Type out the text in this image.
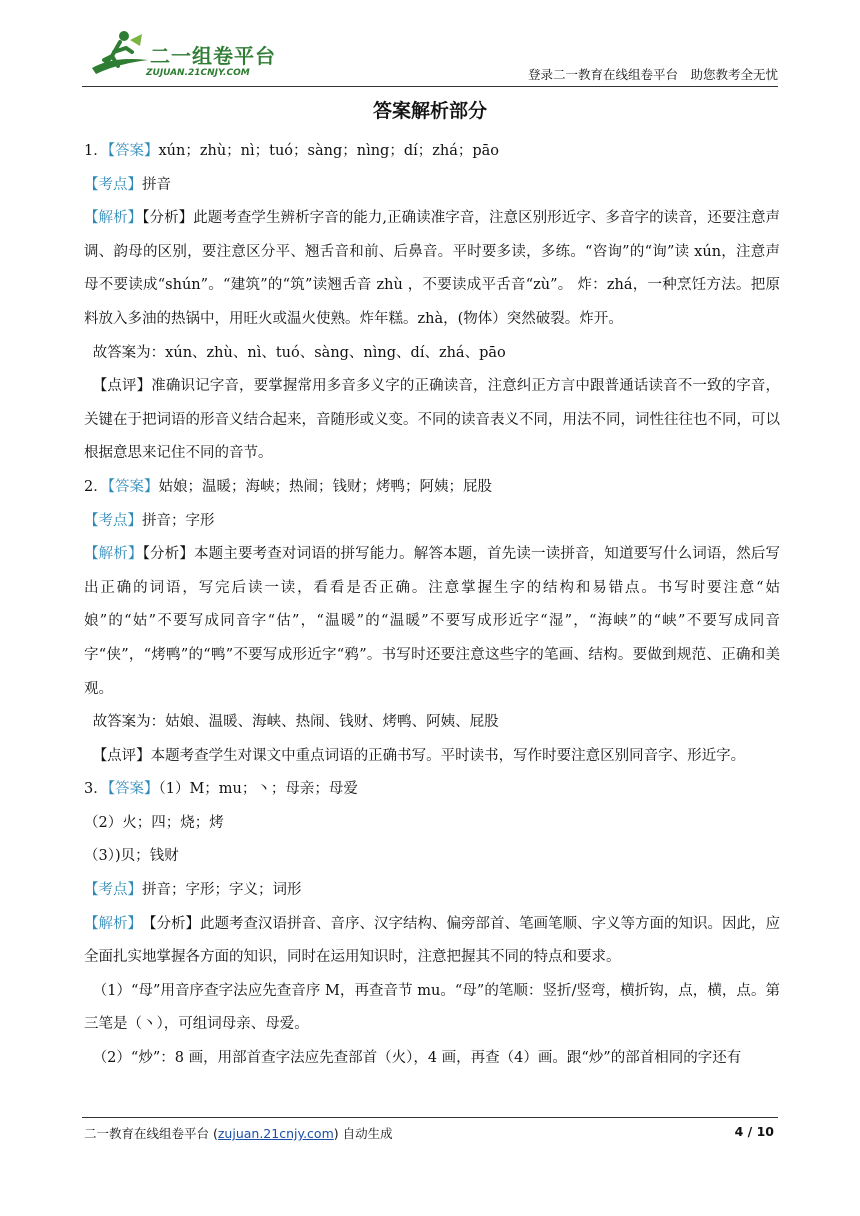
二一组卷平台
ZUJUAN.21CNJY.COM	登录二一教育在线组卷平台　助您教考全无忧
答案解析部分

1．【答案】xún；zhù；nì；tuó；sàng；nìng；dí；zhá；pāo

【考点】拼音

【解析】【分析】此题考查学生辨析字音的能力,正确读准字音，注意区别形近字、多音字的读音，还要注意声调、韵母的区别，要注意区分平、翘舌音和前、后鼻音。平时要多读，多练。“咨询”的“询”读 xún，注意声母不要读成“shún”。“建筑”的“筑”读翘舌音 zhù ，不要读成平舌音“zù”。 炸：zhá，一种烹饪方法。把原料放入多油的热锅中，用旺火或温火使熟。炸年糕。zhà，(物体）突然破裂。炸开。

故答案为：xún、zhù、nì、tuó、sàng、nìng、dí、zhá、pāo

【点评】准确识记字音，要掌握常用多音多义字的正确读音，注意纠正方言中跟普通话读音不一致的字音，关键在于把词语的形音义结合起来，音随形或义变。不同的读音表义不同，用法不同，词性往往也不同，可以根据意思来记住不同的音节。

2．【答案】姑娘；温暖；海峡；热闹；钱财；烤鸭；阿姨；屁股

【考点】拼音；字形

【解析】【分析】本题主要考查对词语的拼写能力。解答本题，首先读一读拼音，知道要写什么词语，然后写出正确的词语，写完后读一读，看看是否正确。注意掌握生字的结构和易错点。书写时要注意“姑娘”的“姑”不要写成同音字“估”，“温暖”的“温暖”不要写成形近字“湿”，“海峡”的“峡”不要写成同音字“侠”，“烤鸭”的“鸭”不要写成形近字“鸦”。书写时还要注意这些字的笔画、结构。要做到规范、正确和美观。

故答案为：姑娘、温暖、海峡、热闹、钱财、烤鸭、阿姨、屁股

【点评】本题考查学生对课文中重点词语的正确书写。平时读书，写作时要注意区别同音字、形近字。

3．【答案】（1）M；mu；丶；母亲；母爱

（2）火；四；烧；烤

（3）)贝；钱财

【考点】拼音；字形；字义；词形

【解析】　【分析】此题考查汉语拼音、音序、汉字结构、偏旁部首、笔画笔顺、字义等方面的知识。因此，应全面扎实地掌握各方面的知识，同时在运用知识时，注意把握其不同的特点和要求。

（1）“母”用音序查字法应先查音序 M，再查音节 mu。“母”的笔顺：竖折/竖弯，横折钩，点，横，点。第三笔是（丶），可组词母亲、母爱。

（2）“炒”：8 画，用部首查字法应先查部首（火），4 画，再查（4）画。跟“炒”的部首相同的字还有

二一教育在线组卷平台 (zujuan.21cnjy.com) 自动生成	4 / 10
